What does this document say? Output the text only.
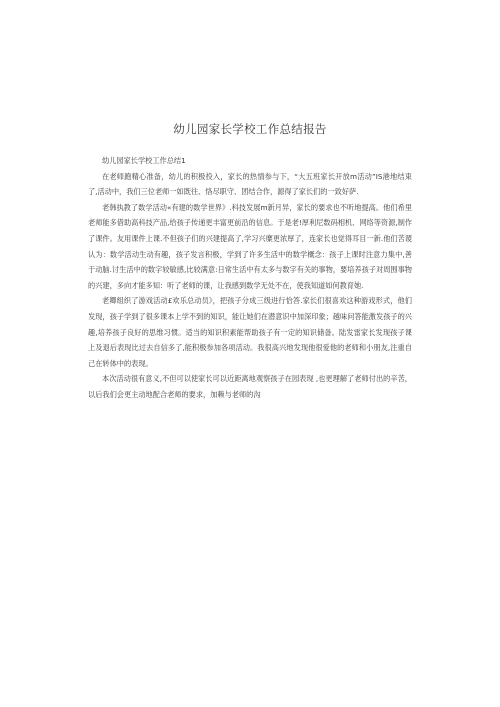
幼儿园家长学校工作总结报告

幼儿园家长学校工作总结1

在老师跑精心准备，幼儿的积极投入，家长的热情参与下，“大五班家长开放m活动”IS港地结束了,活动中，我们三位老师一如既往、恪尽职守、团结合作，源得了家长们的一致好萨.

老韩执教了数学活动«有建的数学世界》.科技发展m新月异，家长的要求也不听地提高。他们希里老师能多借助高科技产品,给孩子传递更丰富更前沿的信息。于是老!厚利尼数码相机、网络等资源,制作了课件。友用课件上课.不但孩子们的兴建提高了,学习兴糜更浓厚了，连家长也觉得耳目一新.他们苦谡认为：数学活动生动有趣，孩子发言积极，学到了许多生活中的数学概念：孩子上课时注意力集中,善于动脑.讨生活中的数字较敏感,比较满意:日常生活中有太多与数字有关的事物，要培养孩子对周围事物的兴建，多向才能多知：听了老师的课，让我感到数学无处不在，使我知道如何教育她.

老卿组织了游戏活动£欢乐总动员》，把孩子分成三级进行恰答.家长们很喜欢这种游戏形式，他们发现，孩子学到了很多课本上学不到的知识，能让她们在潜意识中加深印象；越味问答能激发孩子的兴趣,培养孩子良好的思维习惯。适当的知识积素能帮助孩子有一定的知识储备。陆发雷家长发现孩子课上及退后表现比过去自信多了,能积极参加各项活动。我很高兴地发现他很爱他的老师和小朋友,注重自己在转体中的表现。

本次活动很有意义,不但可以使家长可以近距离地观察孩子在园表现 ,也更理解了老师付出的辛苦，以后我们会更主动地配合老师的要求，加赖与老师的沟
